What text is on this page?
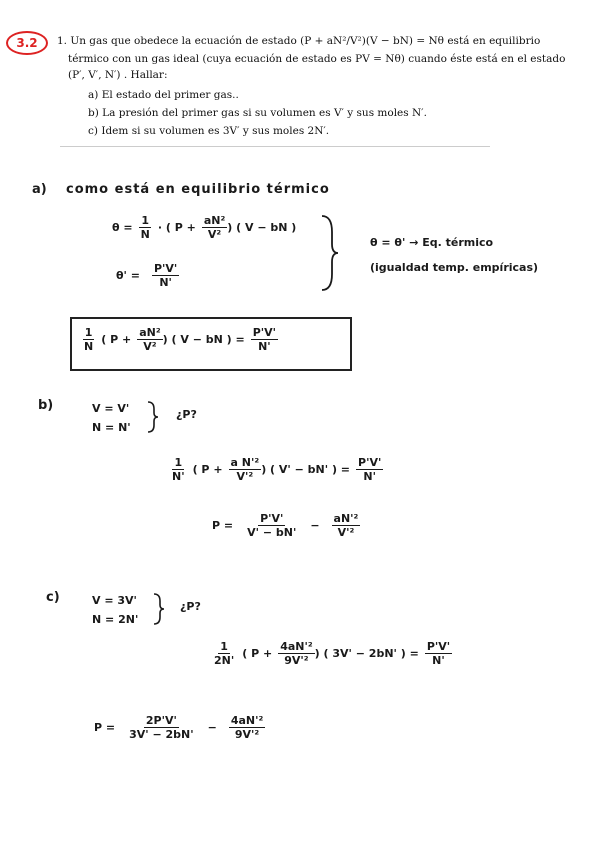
3.2 1. Un gas que obedece la ecuación de estado (P + aN²/V²)(V − bN) = Nθ está en equilibrio
térmico con un gas ideal (cuya ecuación de estado es PV = Nθ) cuando éste está en el estado
(P′, V′, N′) . Hallar:
a) El estado del primer gas..
b) La presión del primer gas si su volumen es V′ y sus moles N′.
c) Idem si su volumen es 3V′ y sus moles 2N′.
a) como está en equilibrio térmico
$\theta = \frac{1}{N}$ · ( $P + \frac{\text{aN²}}{\text{V²}}$ ) ( V − bN )
$\theta' = \frac{P'V'}{N'}$
θ = θ' → Eq. térmico
(igualdad temp. empíricas)
$\frac{1}{N}$ ( $P + \frac{\text{aN²}}{\text{V²}}$ ) ( V − bN ) = $\frac{P'V'}{N'}$
b)	V = V'
N = N'
¿P?
$\frac{1}{N'}$ ( $P + \frac{\text{a N'²}}{\text{V'²}}$ ) ( V' − bN' ) = $\frac{P'V'}{N'}$
$P = \frac{P'V'}{V' - bN'} - \frac{\text{aN'²}}{\text{V'²}}$
c)	V = 3V'
N = 2N'
¿P?
$\frac{1}{2N'}$ ( $P + \frac{\text{4aN'²}}{\text{9V'²}}$ ) ( 3V' − 2bN' ) = $\frac{P'V'}{N'}$
$P = \frac{2P'V'}{3V' - 2bN'} - \frac{\text{4aN'²}}{\text{9V'²}}$
